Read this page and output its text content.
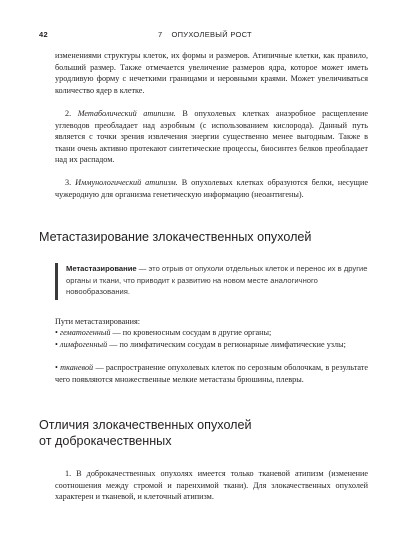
42	7 ОПУХОЛЕВЫЙ РОСТ
изменениями структуры клеток, их формы и размеров. Атипичные клетки, как правило, больший размер. Также отмечается увеличение размеров ядра, которое может иметь уродливую форму с нечеткими границами и неровными краями. Может увеличиваться количество ядер в клетке.
2. Метаболический атипизм. В опухолевых клетках анаэробное расщепление углеводов преобладает над аэробным (с использованием кислорода). Данный путь является с точки зрения извлечения энергии существенно менее выгодным. Также в ткани очень активно протекают синтетические процессы, биосинтез белков преобладает над их распадом.
3. Иммунологический атипизм. В опухолевых клетках образуются белки, несущие чужеродную для организма генетическую информацию (неоантигены).
Метастазирование злокачественных опухолей
Метастазирование — это отрыв от опухоли отдельных клеток и перенос их в другие органы и ткани, что приводит к развитию на новом месте аналогичного новообразования.
Пути метастазирования:
• гематогенный — по кровеносным сосудам в другие органы;
• лимфогенный — по лимфатическим сосудам в регионарные лимфатические узлы;
• тканевой — распространение опухолевых клеток по серозным оболочкам, в результате чего появляются множественные мелкие метастазы брюшины, плевры.
Отличия злокачественных опухолей
от доброкачественных
1. В доброкачественных опухолях имеется только тканевой атипизм (изменение соотношения между стромой и паренхимой ткани). Для злокачественных опухолей характерен и тканевой, и клеточный атипизм.
